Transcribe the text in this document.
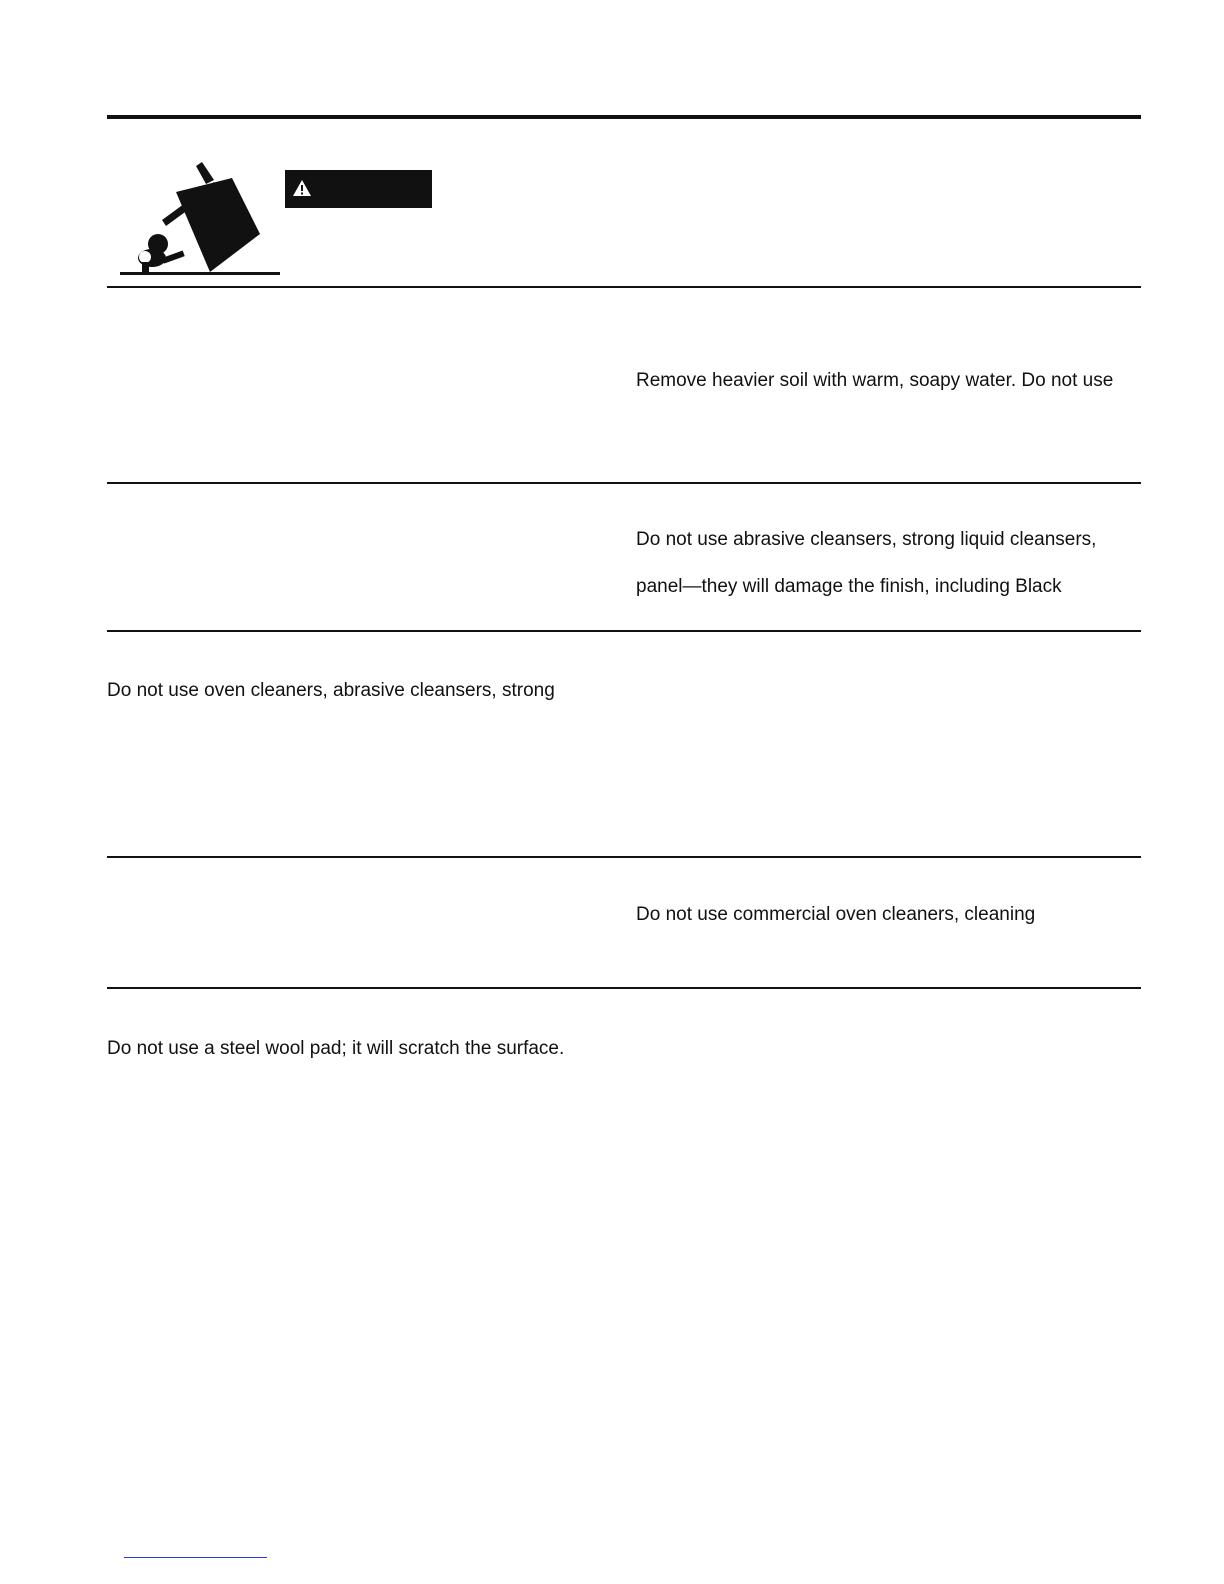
Remove heavier soil with warm, soapy water. Do not use
Do not use abrasive cleansers, strong liquid cleansers,
panel—they will damage the finish, including Black
Do not use oven cleaners, abrasive cleansers, strong
Do not use commercial oven cleaners, cleaning
Do not use a steel wool pad; it will scratch the surface.
